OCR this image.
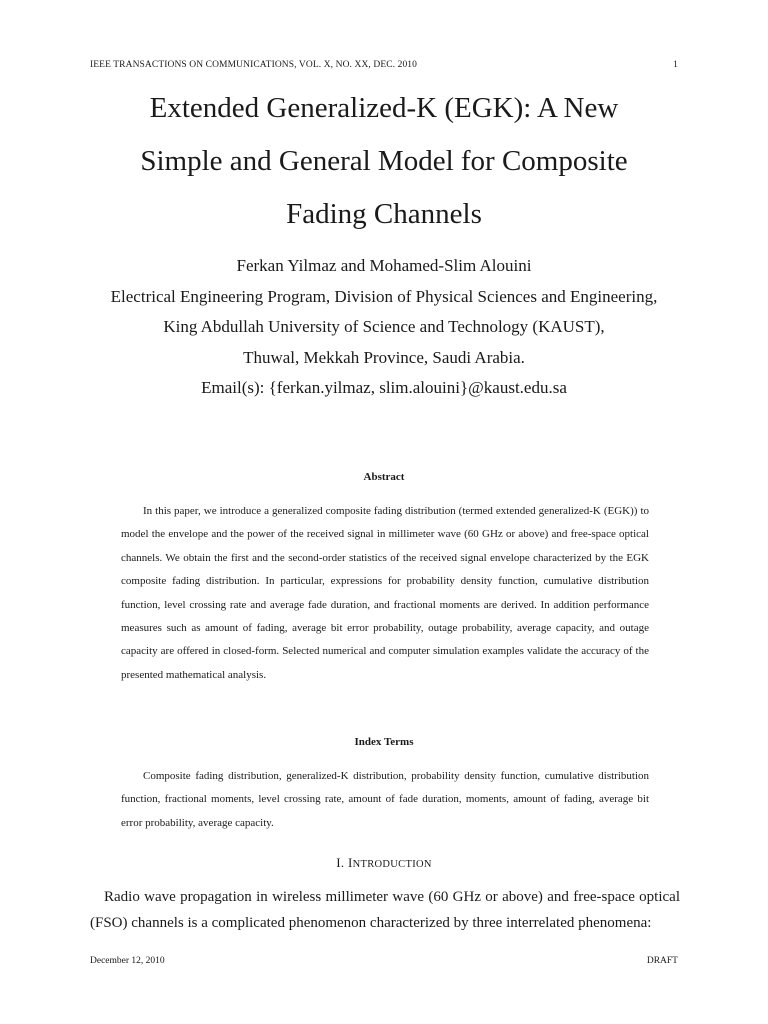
IEEE TRANSACTIONS ON COMMUNICATIONS, VOL. X, NO. XX, DEC. 2010	1
Extended Generalized-K (EGK): A New
Simple and General Model for Composite
Fading Channels
Ferkan Yilmaz and Mohamed-Slim Alouini
Electrical Engineering Program, Division of Physical Sciences and Engineering,
King Abdullah University of Science and Technology (KAUST),
Thuwal, Mekkah Province, Saudi Arabia.
Email(s): {ferkan.yilmaz, slim.alouini}@kaust.edu.sa
Abstract
In this paper, we introduce a generalized composite fading distribution (termed extended generalized-K (EGK)) to model the envelope and the power of the received signal in millimeter wave (60 GHz or above) and free-space optical channels. We obtain the first and the second-order statistics of the received signal envelope characterized by the EGK composite fading distribution. In particular, expressions for probability density function, cumulative distribution function, level crossing rate and average fade duration, and fractional moments are derived. In addition performance measures such as amount of fading, average bit error probability, outage probability, average capacity, and outage capacity are offered in closed-form. Selected numerical and computer simulation examples validate the accuracy of the presented mathematical analysis.
Index Terms
Composite fading distribution, generalized-K distribution, probability density function, cumulative distribution function, fractional moments, level crossing rate, amount of fade duration, moments, amount of fading, average bit error probability, average capacity.
I. INTRODUCTION
Radio wave propagation in wireless millimeter wave (60 GHz or above) and free-space optical (FSO) channels is a complicated phenomenon characterized by three interrelated phenomena:
December 12, 2010	DRAFT
